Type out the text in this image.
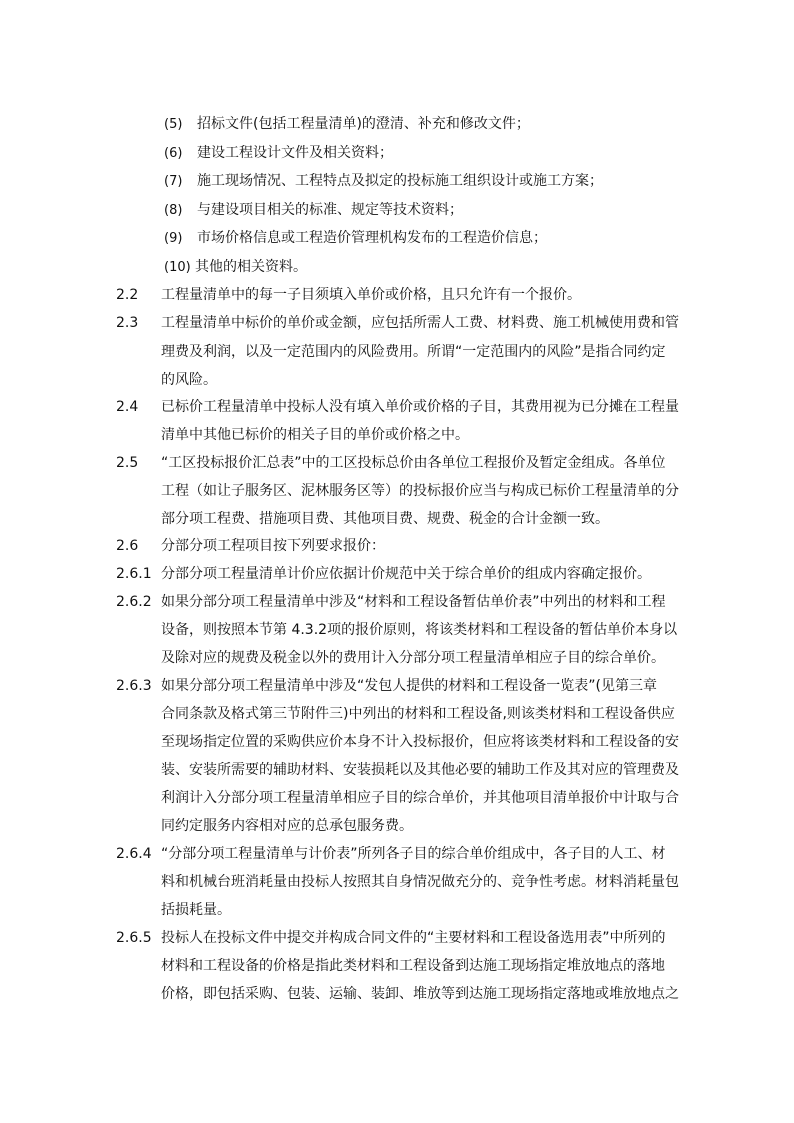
(5) 招标文件(包括工程量清单)的澄清、补充和修改文件；
(6) 建设工程设计文件及相关资料；
(7) 施工现场情况、工程特点及拟定的投标施工组织设计或施工方案；
(8) 与建设项目相关的标准、规定等技术资料；
(9) 市场价格信息或工程造价管理机构发布的工程造价信息；
(10) 其他的相关资料。
2.2 工程量清单中的每一子目须填入单价或价格，且只允许有一个报价。
2.3 工程量清单中标价的单价或金额，应包括所需人工费、材料费、施工机械使用费和管
理费及利润，以及一定范围内的风险费用。所谓“一定范围内的风险”是指合同约定
的风险。
2.4 已标价工程量清单中投标人没有填入单价或价格的子目，其费用视为已分摊在工程量
清单中其他已标价的相关子目的单价或价格之中。
2.5 “工区投标报价汇总表”中的工区投标总价由各单位工程报价及暂定金组成。各单位
工程（如让子服务区、泥林服务区等）的投标报价应当与构成已标价工程量清单的分
部分项工程费、措施项目费、其他项目费、规费、税金的合计金额一致。
2.6 分部分项工程项目按下列要求报价：
2.6.1 分部分项工程量清单计价应依据计价规范中关于综合单价的组成内容确定报价。
2.6.2 如果分部分项工程量清单中涉及“材料和工程设备暂估单价表”中列出的材料和工程
设备，则按照本节第 4.3.2项的报价原则，将该类材料和工程设备的暂估单价本身以
及除对应的规费及税金以外的费用计入分部分项工程量清单相应子目的综合单价。
2.6.3 如果分部分项工程量清单中涉及“发包人提供的材料和工程设备一览表”(见第三章
合同条款及格式第三节附件三)中列出的材料和工程设备,则该类材料和工程设备供应
至现场指定位置的采购供应价本身不计入投标报价，但应将该类材料和工程设备的安
装、安装所需要的辅助材料、安装损耗以及其他必要的辅助工作及其对应的管理费及
利润计入分部分项工程量清单相应子目的综合单价，并其他项目清单报价中计取与合
同约定服务内容相对应的总承包服务费。
2.6.4 “分部分项工程量清单与计价表”所列各子目的综合单价组成中，各子目的人工、材
料和机械台班消耗量由投标人按照其自身情况做充分的、竞争性考虑。材料消耗量包
括损耗量。
2.6.5 投标人在投标文件中提交并构成合同文件的“主要材料和工程设备选用表”中所列的
材料和工程设备的价格是指此类材料和工程设备到达施工现场指定堆放地点的落地
价格，即包括采购、包装、运输、装卸、堆放等到达施工现场指定落地或堆放地点之
